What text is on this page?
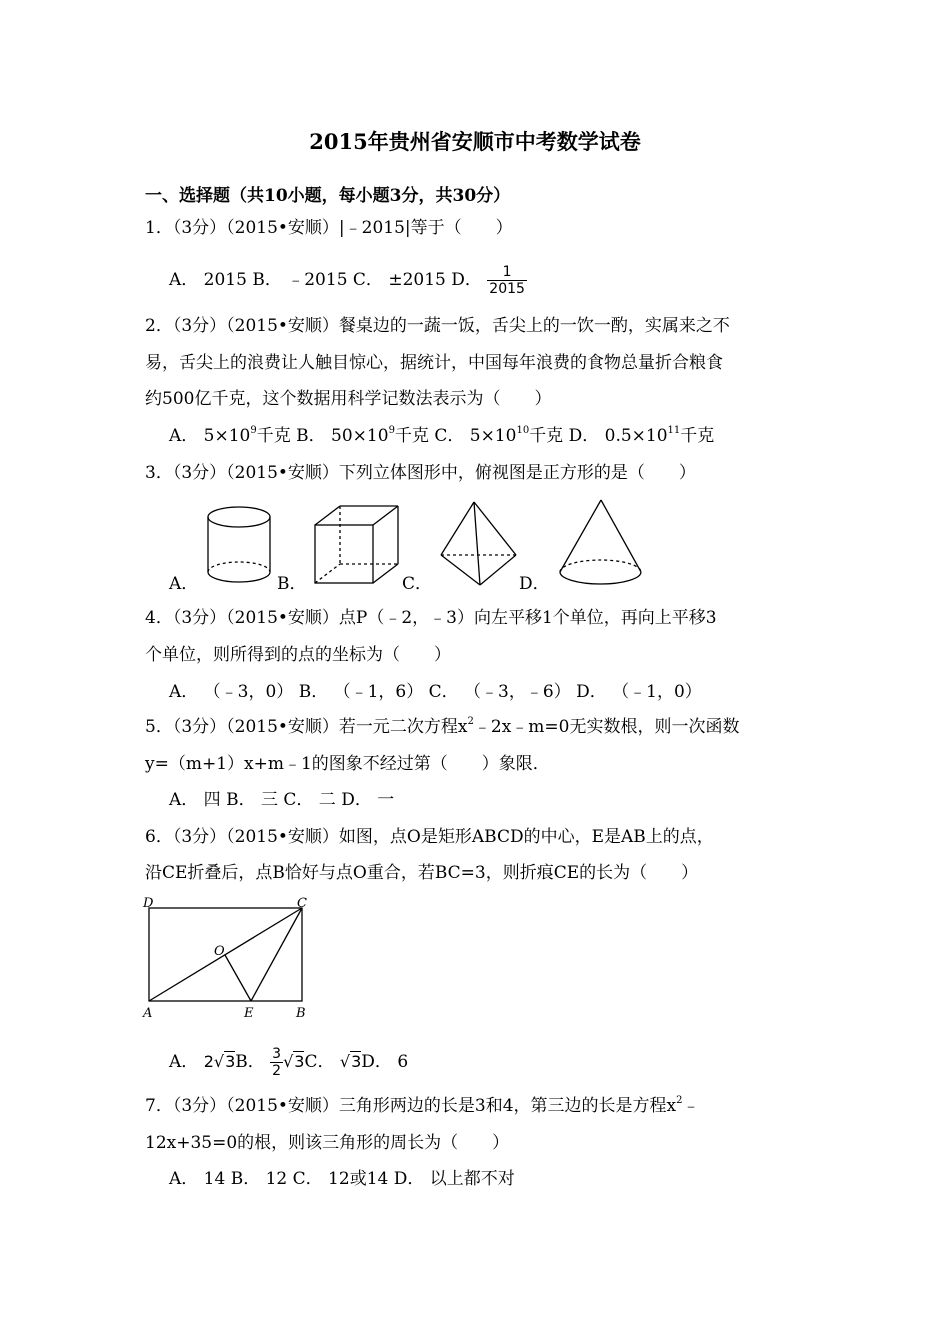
2015年贵州省安顺市中考数学试卷
一、选择题（共10小题，每小题3分，共30分）
1．（3分）（2015•安顺）|﹣2015|等于（　　）
A． 2015 B． ﹣2015 C． ±2015 D． $\frac{1}{2015}$
2．（3分）（2015•安顺）餐桌边的一蔬一饭，舌尖上的一饮一酌，实属来之不
易，舌尖上的浪费让人触目惊心，据统计，中国每年浪费的食物总量折合粮食
约500亿千克，这个数据用科学记数法表示为（　　）
A． $5\times 10^9$千克 B． $50\times 10^9$千克 C． $5\times 10^{10}$千克 D． $0.5\times 10^{11}$千克
3．（3分）（2015•安顺）下列立体图形中，俯视图是正方形的是（　　）
A．	B．	C．	D．
4．（3分）（2015•安顺）点P（﹣2，﹣3）向左平移1个单位，再向上平移3
个单位，则所得到的点的坐标为（　　）
A． （﹣3，0） B． （﹣1，6） C． （﹣3，﹣6） D． （﹣1，0）
5．（3分）（2015•安顺）若一元二次方程$x^2﹣2x﹣m=0$无实数根，则一次函数
y=（m+1）x+m﹣1的图象不经过第（　　）象限．
A． 四 B． 三 C． 二 D． 一
6．（3分）（2015•安顺）如图，点O是矩形ABCD的中心，E是AB上的点，
沿CE折叠后，点B恰好与点O重合，若BC=3，则折痕CE的长为（　　）
D	C
O
A	E	B
A． 2√3B． $\frac{3}{2} √3C$． √3D． 6
7．（3分）（2015•安顺）三角形两边的长是3和4，第三边的长是方程$x^2﹣$
12x+35=0的根，则该三角形的周长为（　　）
A． 14 B． 12 C． 12或14 D． 以上都不对
